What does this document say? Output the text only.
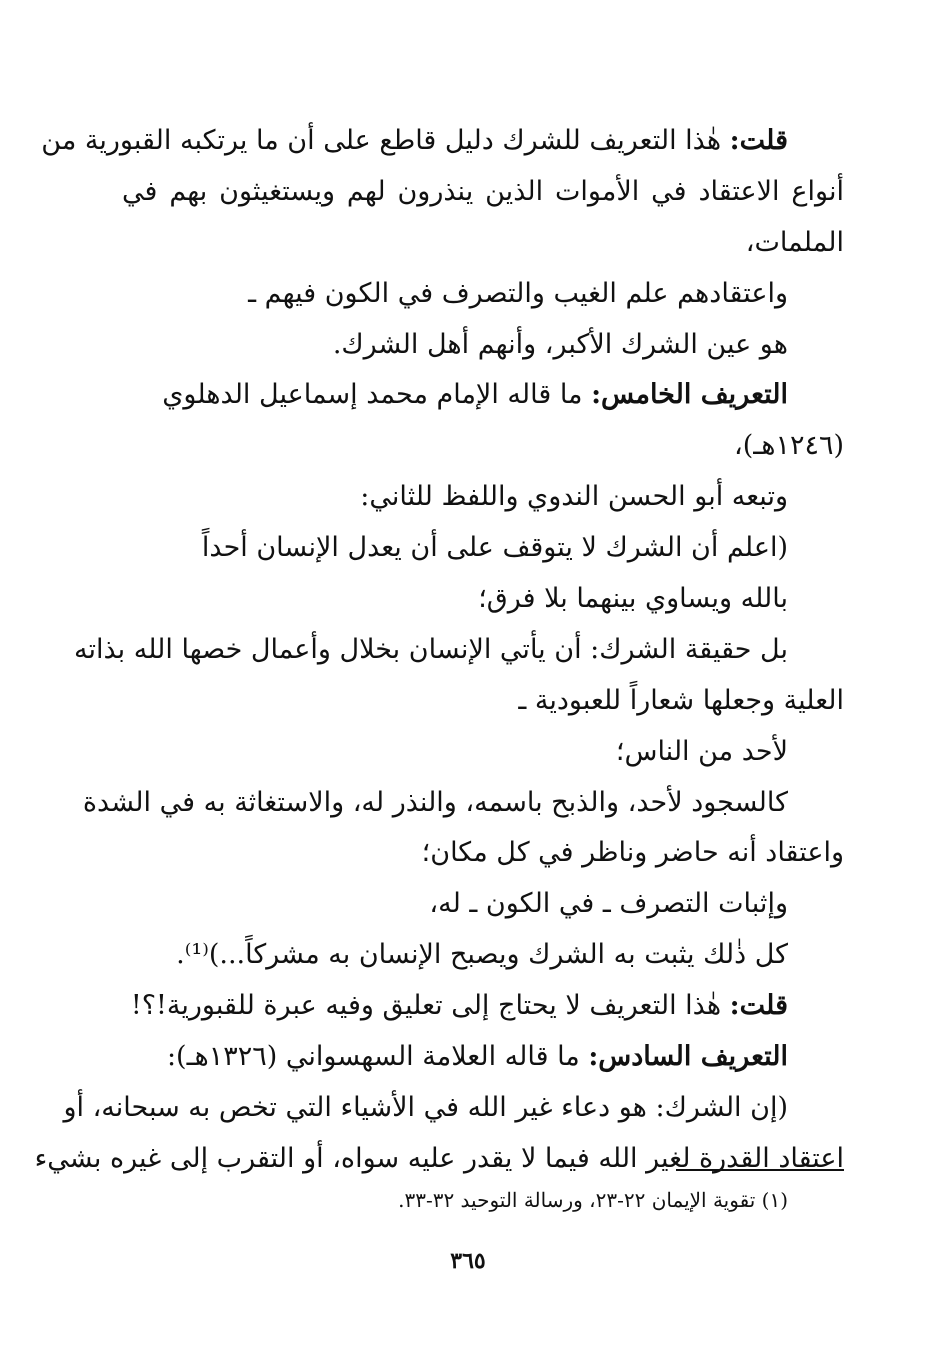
قلت: هٰذا التعريف للشرك دليل قاطع على أن ما يرتكبه القبورية من
أنواع الاعتقاد في الأموات الذين ينذرون لهم ويستغيثون بهم في
الملمات،
واعتقادهم علم الغيب والتصرف في الكون فيهم ـ
هو عين الشرك الأكبر، وأنهم أهل الشرك.
التعريف الخامس: ما قاله الإمام محمد إسماعيل الدهلوي
(١٢٤٦هـ)،
وتبعه أبو الحسن الندوي واللفظ للثاني:
(اعلم أن الشرك لا يتوقف على أن يعدل الإنسان أحداً
بالله ويساوي بينهما بلا فرق؛
بل حقيقة الشرك: أن يأتي الإنسان بخلال وأعمال خصها الله بذاته
العلية وجعلها شعاراً للعبودية ـ
لأحد من الناس؛
كالسجود لأحد، والذبح باسمه، والنذر له، والاستغاثة به في الشدة
واعتقاد أنه حاضر وناظر في كل مكان؛
وإثبات التصرف ـ في الكون ـ له،
كل ذٰلك يثبت به الشرك ويصبح الإنسان به مشركاً...)⁽¹⁾.
قلت: هٰذا التعريف لا يحتاج إلى تعليق وفيه عبرة للقبورية!؟!
التعريف السادس: ما قاله العلامة السهسواني (١٣٢٦هـ):
(إن الشرك: هو دعاء غير الله في الأشياء التي تخص به سبحانه، أو
اعتقاد القدرة لغير الله فيما لا يقدر عليه سواه، أو التقرب إلى غيره بشيء
(١) تقوية الإيمان ٢٢-٢٣، ورسالة التوحيد ٣٢-٣٣.
٣٦٥
